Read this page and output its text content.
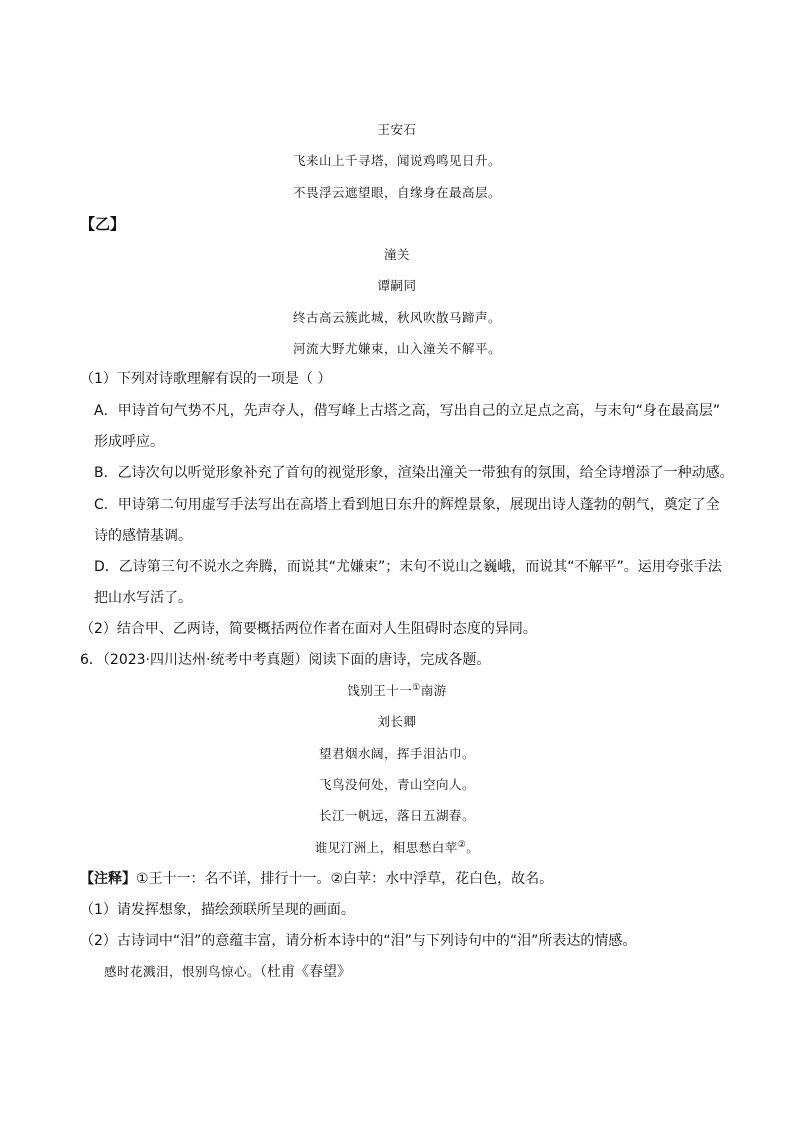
王安石
飞来山上千寻塔，闻说鸡鸣见日升。
不畏浮云遮望眼，自缘身在最高层。
【乙】
潼关
谭嗣同
终古高云簇此城，秋风吹散马蹄声。
河流大野尤嫌束，山入潼关不解平。
（1）下列对诗歌理解有误的一项是（ ）
A．甲诗首句气势不凡，先声夺人，借写峰上古塔之高，写出自己的立足点之高，与末句“身在最高层”
形成呼应。
B．乙诗次句以听觉形象补充了首句的视觉形象，渲染出潼关一带独有的氛围，给全诗增添了一种动感。
C．甲诗第二句用虚写手法写出在高塔上看到旭日东升的辉煌景象，展现出诗人蓬勃的朝气，奠定了全
诗的感情基调。
D．乙诗第三句不说水之奔腾，而说其“尤嫌束”；末句不说山之巍峨，而说其“不解平”。运用夸张手法
把山水写活了。
（2）结合甲、乙两诗，简要概括两位作者在面对人生阻碍时态度的异同。
6．（2023·四川达州·统考中考真题）阅读下面的唐诗，完成各题。
饯别王十一①南游
刘长卿
望君烟水阔，挥手泪沾巾。
飞鸟没何处，青山空向人。
长江一帆远，落日五湖春。
谁见汀洲上，相思愁白苹②。
【注释】①王十一：名不详，排行十一。②白苹：水中浮草，花白色，故名。
（1）请发挥想象，描绘颈联所呈现的画面。
（2）古诗词中“泪”的意蕴丰富，请分析本诗中的“泪”与下列诗句中的“泪”所表达的情感。
感时花溅泪，恨别鸟惊心。（杜甫《春望》
